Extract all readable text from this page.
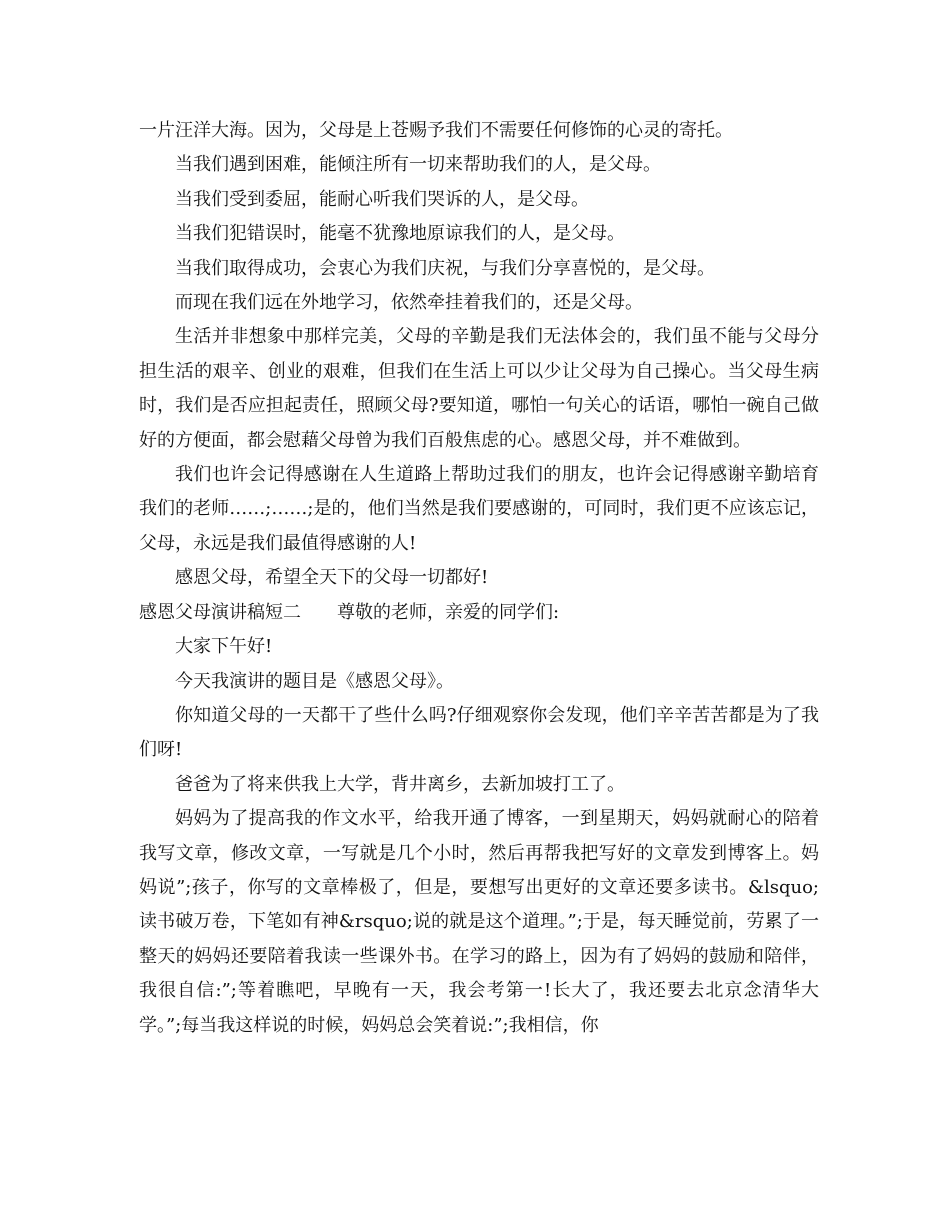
一片汪洋大海。因为，父母是上苍赐予我们不需要任何修饰的心灵的寄托。

当我们遇到困难，能倾注所有一切来帮助我们的人，是父母。

当我们受到委屈，能耐心听我们哭诉的人，是父母。

当我们犯错误时，能毫不犹豫地原谅我们的人，是父母。

当我们取得成功，会衷心为我们庆祝，与我们分享喜悦的，是父母。

而现在我们远在外地学习，依然牵挂着我们的，还是父母。

生活并非想象中那样完美，父母的辛勤是我们无法体会的，我们虽不能与父母分担生活的艰辛、创业的艰难，但我们在生活上可以少让父母为自己操心。当父母生病时，我们是否应担起责任，照顾父母?要知道，哪怕一句关心的话语，哪怕一碗自己做好的方便面，都会慰藉父母曾为我们百般焦虑的心。感恩父母，并不难做到。

我们也许会记得感谢在人生道路上帮助过我们的朋友，也许会记得感谢辛勤培育我们的老师……;……;是的，他们当然是我们要感谢的，可同时，我们更不应该忘记，父母，永远是我们最值得感谢的人!

感恩父母，希望全天下的父母一切都好!

感恩父母演讲稿短二　　尊敬的老师，亲爱的同学们:

大家下午好!

今天我演讲的题目是《感恩父母》。

你知道父母的一天都干了些什么吗?仔细观察你会发现，他们辛辛苦苦都是为了我们呀!

爸爸为了将来供我上大学，背井离乡，去新加坡打工了。

妈妈为了提高我的作文水平，给我开通了博客，一到星期天，妈妈就耐心的陪着我写文章，修改文章，一写就是几个小时，然后再帮我把写好的文章发到博客上。妈妈说”;孩子，你写的文章棒极了，但是，要想写出更好的文章还要多读书。&lsquo;读书破万卷，下笔如有神&rsquo;说的就是这个道理。”;于是，每天睡觉前，劳累了一整天的妈妈还要陪着我读一些课外书。在学习的路上，因为有了妈妈的鼓励和陪伴，我很自信:”;等着瞧吧，早晚有一天，我会考第一!长大了，我还要去北京念清华大学。”;每当我这样说的时候，妈妈总会笑着说:”;我相信，你
